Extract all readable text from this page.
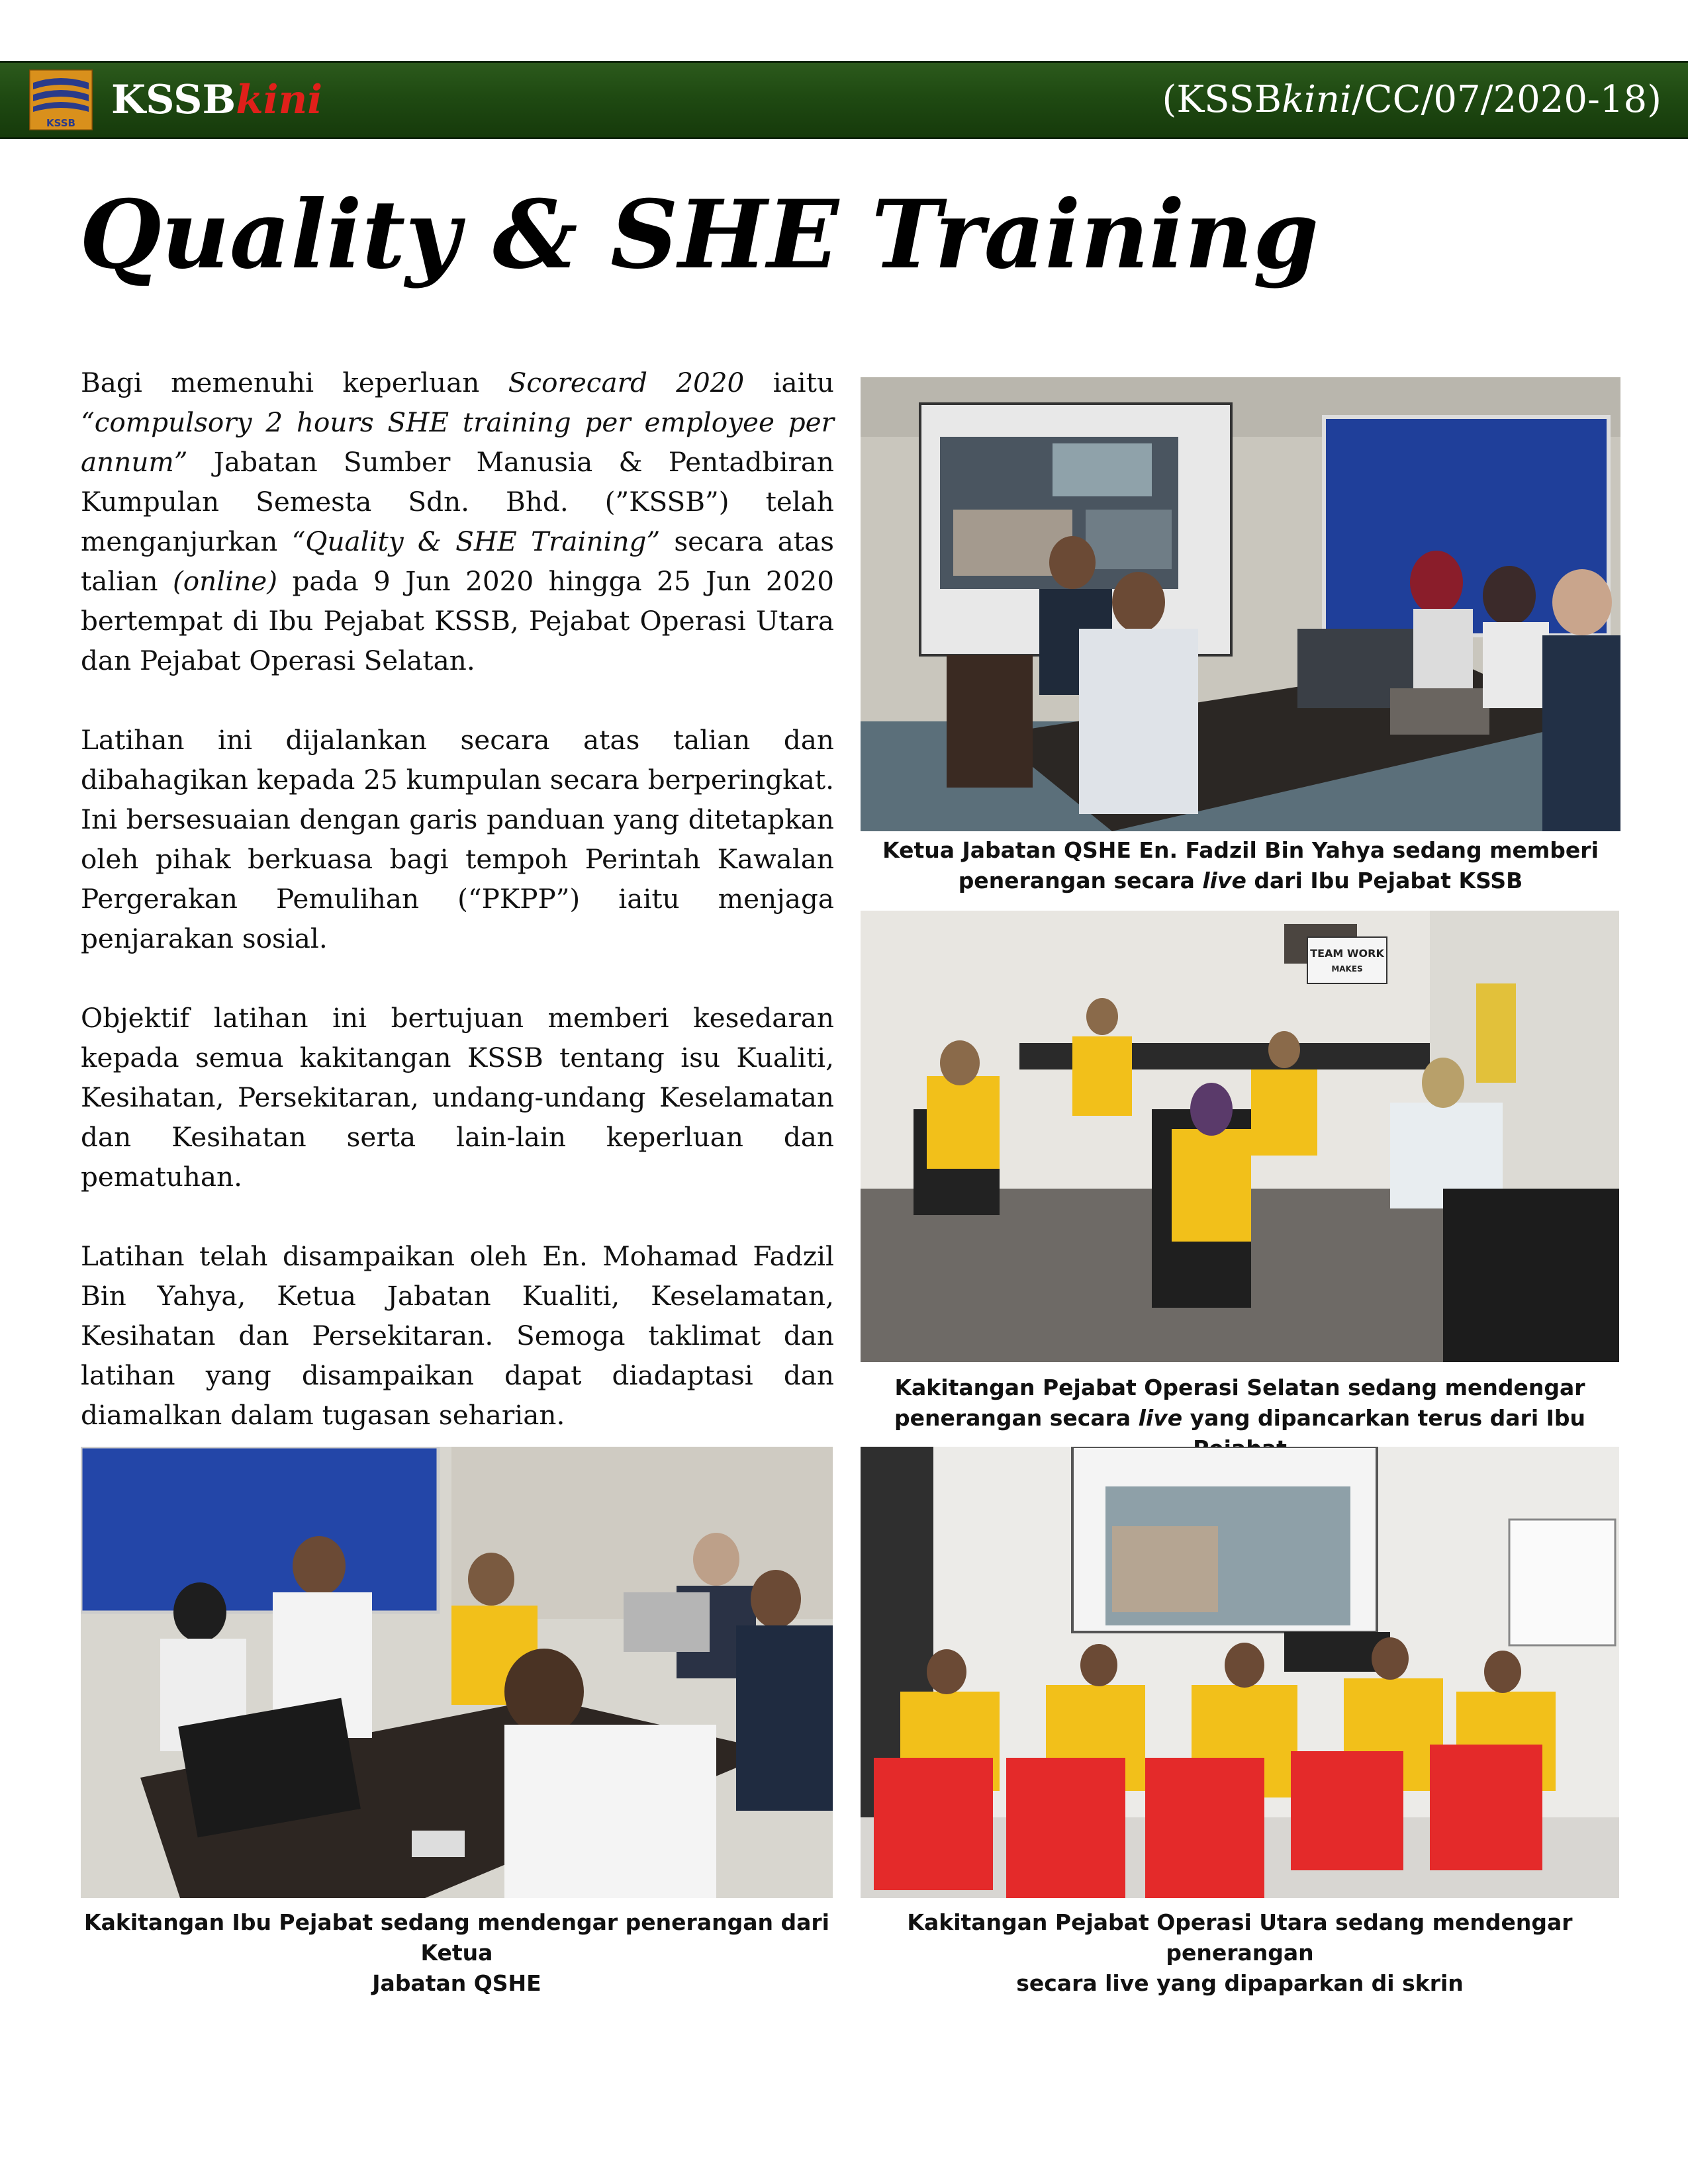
KSSB KSSBkini	(KSSBkini/CC/07/2020-18)
Quality & SHE Training

Bagi memenuhi keperluan Scorecard 2020 iaitu “compulsory 2 hours SHE training per employee per annum” Jabatan Sumber Manusia & Pentadbiran Kumpulan Semesta Sdn. Bhd. (”KSSB”) telah menganjurkan “Quality & SHE Training” secara atas talian (online) pada 9 Jun 2020 hingga 25 Jun 2020 bertempat di Ibu Pejabat KSSB, Pejabat Operasi Utara dan Pejabat Operasi Selatan.

Latihan ini dijalankan secara atas talian dan dibahagikan kepada 25 kumpulan secara berperingkat. Ini bersesuaian dengan garis panduan yang ditetapkan oleh pihak berkuasa bagi tempoh Perintah Kawalan Pergerakan Pemulihan (“PKPP”) iaitu menjaga penjarakan sosial.

Objektif latihan ini bertujuan memberi kesedaran kepada semua kakitangan KSSB tentang isu Kualiti, Kesihatan, Persekitaran, undang-undang Keselamatan dan Kesihatan serta lain-lain keperluan dan pematuhan.

Latihan telah disampaikan oleh En. Mohamad Fadzil Bin Yahya, Ketua Jabatan Kualiti, Keselamatan, Kesihatan dan Persekitaran. Semoga taklimat dan latihan yang disampaikan dapat diadaptasi dan diamalkan dalam tugasan seharian.

Ketua Jabatan QSHE En. Fadzil Bin Yahya sedang memberi
penerangan secara live dari Ibu Pejabat KSSB
TEAM WORK
MAKES
Kakitangan Pejabat Operasi Selatan sedang mendengar
penerangan secara live yang dipancarkan terus dari Ibu
Kakitangan Ibu Pejabat sedang mendengar penerangan dari Ketua
Jabatan QSHE
Kakitangan Pejabat Operasi Utara sedang mendengar penerangan
secara live yang dipaparkan di skrin
